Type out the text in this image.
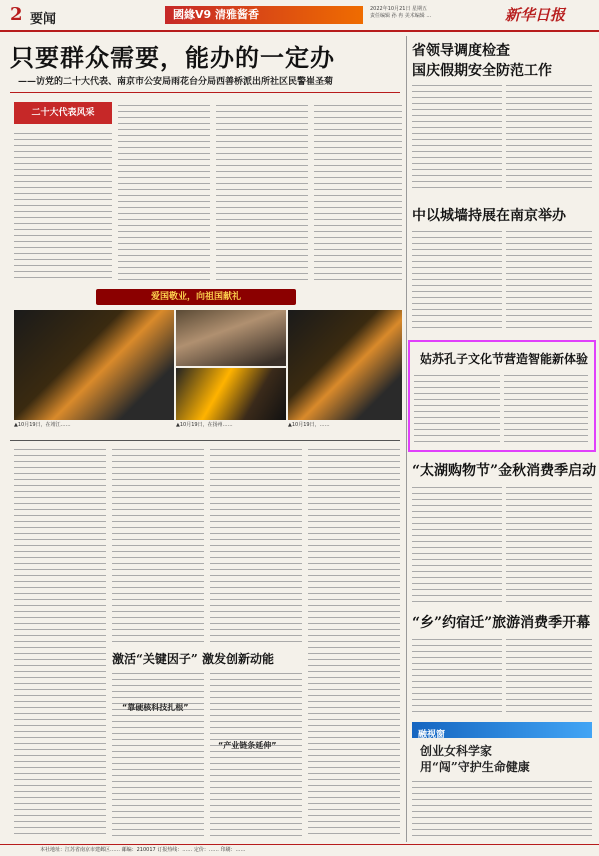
2 要闻	國緣V9 清雅酱香	2022年10月21日 星期五
责任编辑 孙 冉 美术编辑 ...	新华日报
只要群众需要，能办的一定办
——访党的二十大代表、南京市公安局雨花台分局西善桥派出所社区民警崔圣菊
二十大代表风采
爱国敬业，向祖国献礼
▲10月19日，在靖江……	▲10月19日，在扬州……	▲10月19日，……
激活“关键因子” 激发创新动能
“靠硬核科技扎根”
“产业链条延伸”
省领导调度检查
国庆假期安全防范工作
中以城墙持展在南京举办
姑苏孔子文化节营造智能新体验
“太湖购物节”金秋消费季启动
“乡”约宿迁”旅游消费季开幕
融视窗
创业女科学家
用“闯”守护生命健康
本社地址：江苏省南京市建邺区…… 邮编：210017 订报热线：…… 定价：…… 印刷：……
